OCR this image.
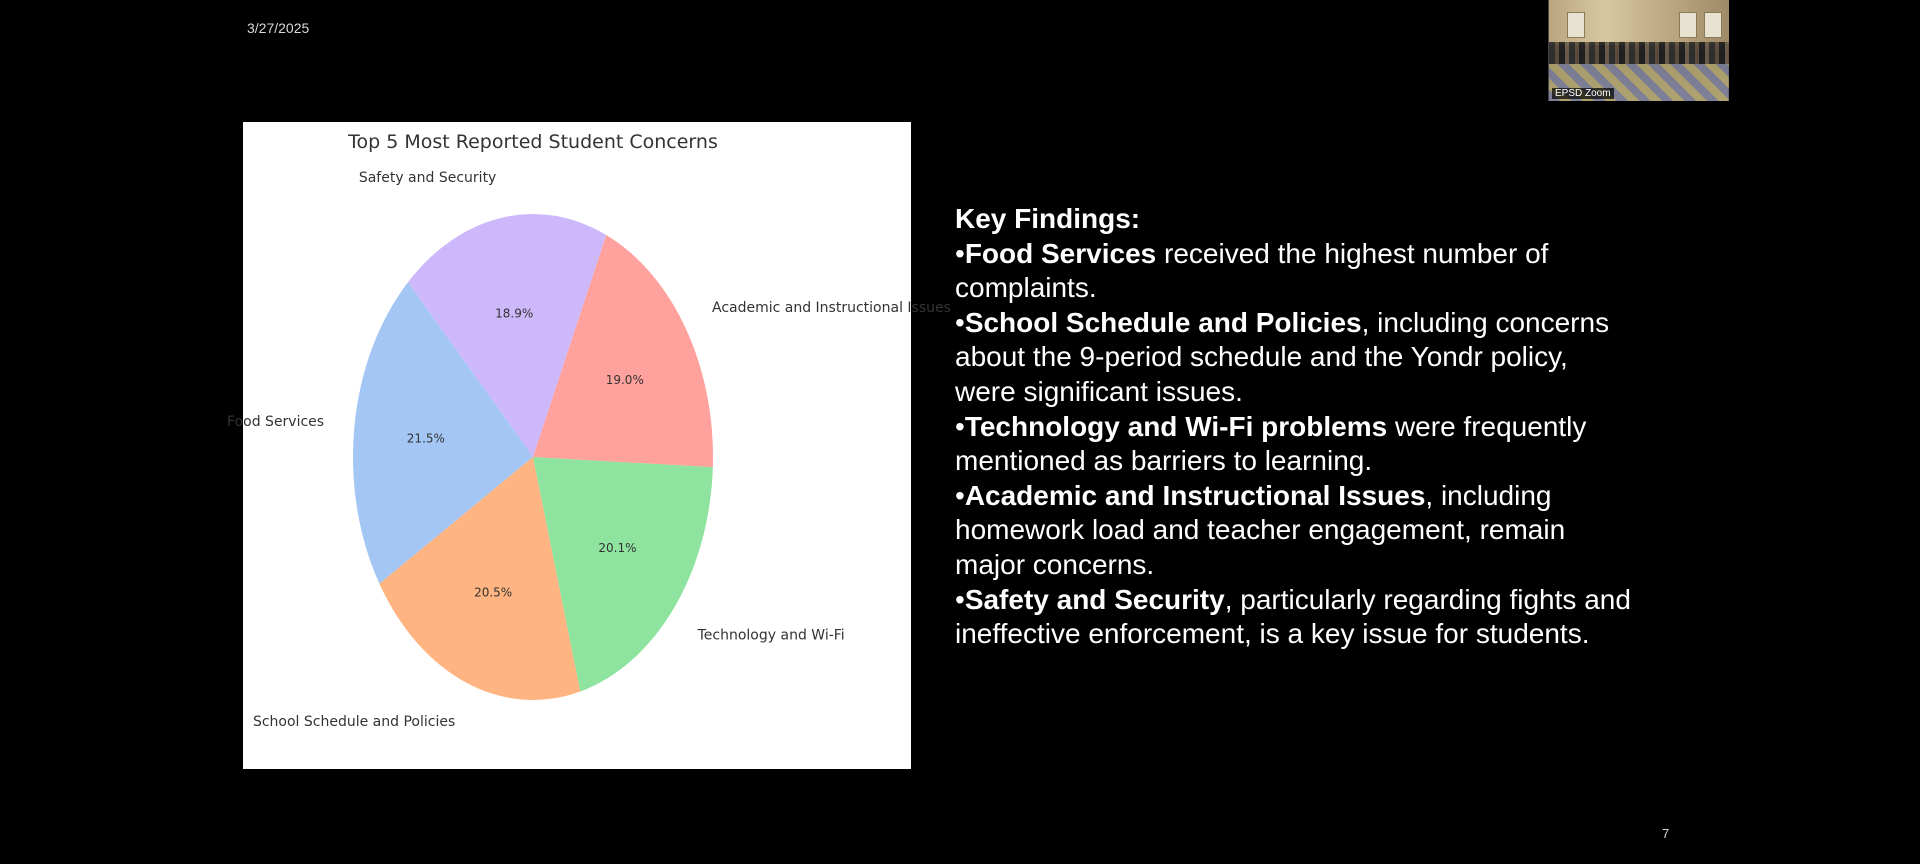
3/27/2025
EPSD Zoom
Top 5 Most Reported Student Concerns
Safety and Security
18.9%
Food Services
21.5%
School Schedule and Policies
20.5%
Technology and Wi-Fi
20.1%
Academic and Instructional Issues
19.0%
Key Findings:
•Food Services received the highest number of complaints.
•School Schedule and Policies, including concerns about the 9-period schedule and the Yondr policy, were significant issues.
•Technology and Wi-Fi problems were frequently mentioned as barriers to learning.
•Academic and Instructional Issues, including homework load and teacher engagement, remain major concerns.
•Safety and Security, particularly regarding fights and ineffective enforcement, is a key issue for students.
7
